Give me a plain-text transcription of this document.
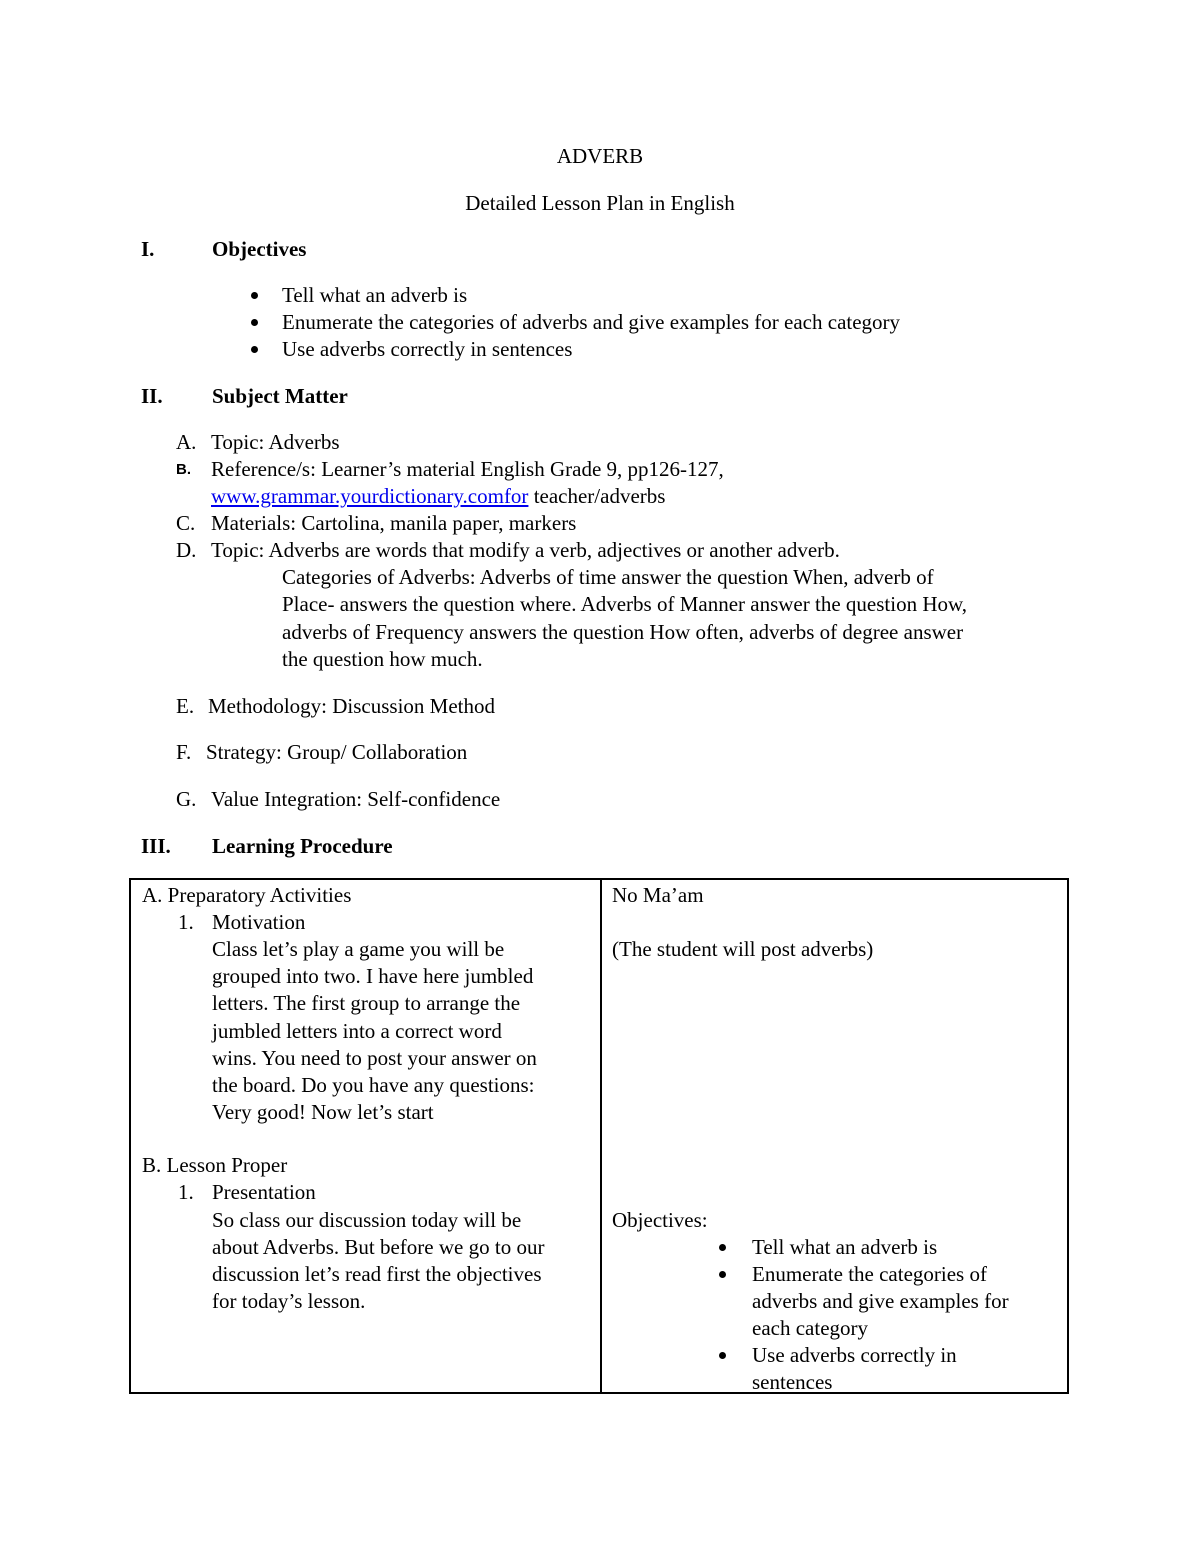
ADVERB
Detailed Lesson Plan in English
I.	Objectives
Tell what an adverb is
Enumerate the categories of adverbs and give examples for each category
Use adverbs correctly in sentences
II. Subject Matter
A. Topic: Adverbs
B. Reference/s: Learner’s material English Grade 9, pp126-127,
www.grammar.yourdictionary.comfor teacher/adverbs
C. Materials: Cartolina, manila paper, markers
D. Topic: Adverbs are words that modify a verb, adjectives or another adverb.
Categories of Adverbs: Adverbs of time answer the question When, adverb of
Place- answers the question where. Adverbs of Manner answer the question How,
adverbs of Frequency answers the question How often, adverbs of degree answer
the question how much.
E. Methodology: Discussion Method
F. Strategy: Group/ Collaboration
G. Value Integration: Self-confidence
III. Learning Procedure
A. Preparatory Activities
1. Motivation
Class let’s play a game you will be
grouped into two. I have here jumbled
letters. The first group to arrange the
jumbled letters into a correct word
wins. You need to post your answer on
the board. Do you have any questions:
Very good! Now let’s start
B. Lesson Proper
1. Presentation
So class our discussion today will be
about Adverbs. But before we go to our
discussion let’s read first the objectives
for today’s lesson.
No Ma’am
(The student will post adverbs)
Objectives:
Tell what an adverb is
Enumerate the categories of
adverbs and give examples for
each category
Use adverbs correctly in
sentences
